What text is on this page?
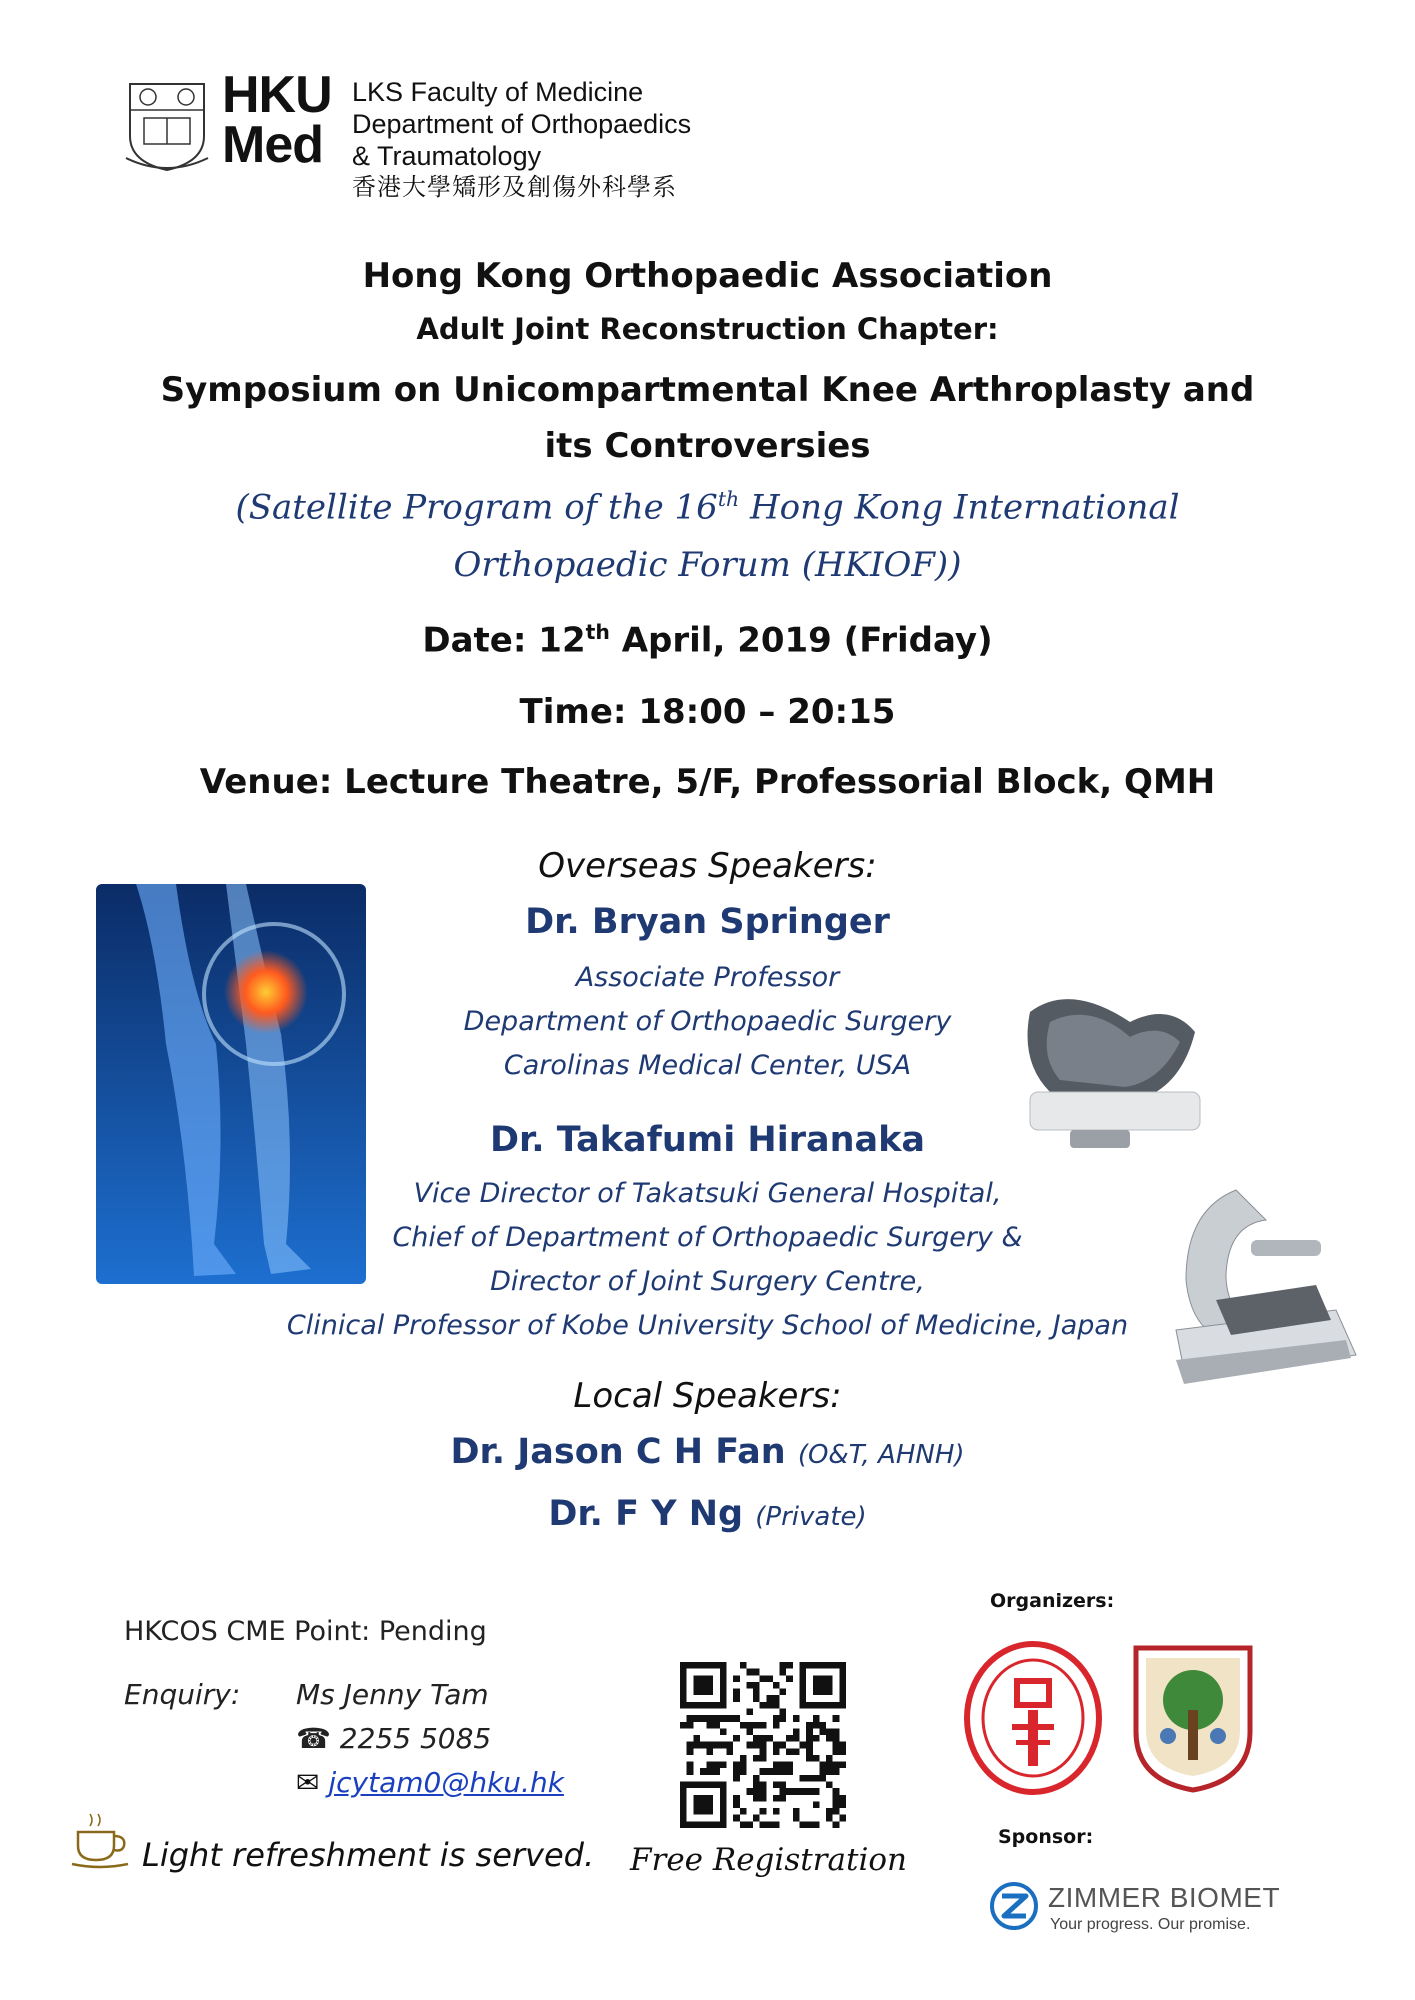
HKU
Med
LKS Faculty of Medicine
Department of Orthopaedics
& Traumatology
香港大學矯形及創傷外科學系
Hong Kong Orthopaedic Association
Adult Joint Reconstruction Chapter:
Symposium on Unicompartmental Knee Arthroplasty and
its Controversies
(Satellite Program of the 16th Hong Kong International
Orthopaedic Forum (HKIOF))
Date: 12th April, 2019 (Friday)
Time: 18:00 – 20:15
Venue: Lecture Theatre, 5/F, Professorial Block, QMH
Overseas Speakers:
Dr. Bryan Springer
Associate Professor
Department of Orthopaedic Surgery
Carolinas Medical Center, USA
Dr. Takafumi Hiranaka
Vice Director of Takatsuki General Hospital,
Chief of Department of Orthopaedic Surgery &
Director of Joint Surgery Centre,
Clinical Professor of Kobe University School of Medicine, Japan
Local Speakers:
Dr. Jason C H Fan (O&T, AHNH)
Dr. F Y Ng (Private)
HKCOS CME Point: Pending
Enquiry: Ms Jenny Tam
☎ 2255 5085
✉ jcytam0@hku.hk
Light refreshment is served. Free Registration
Organizers:
Sponsor:
ZIMMER BIOMET
Your progress. Our promise.
